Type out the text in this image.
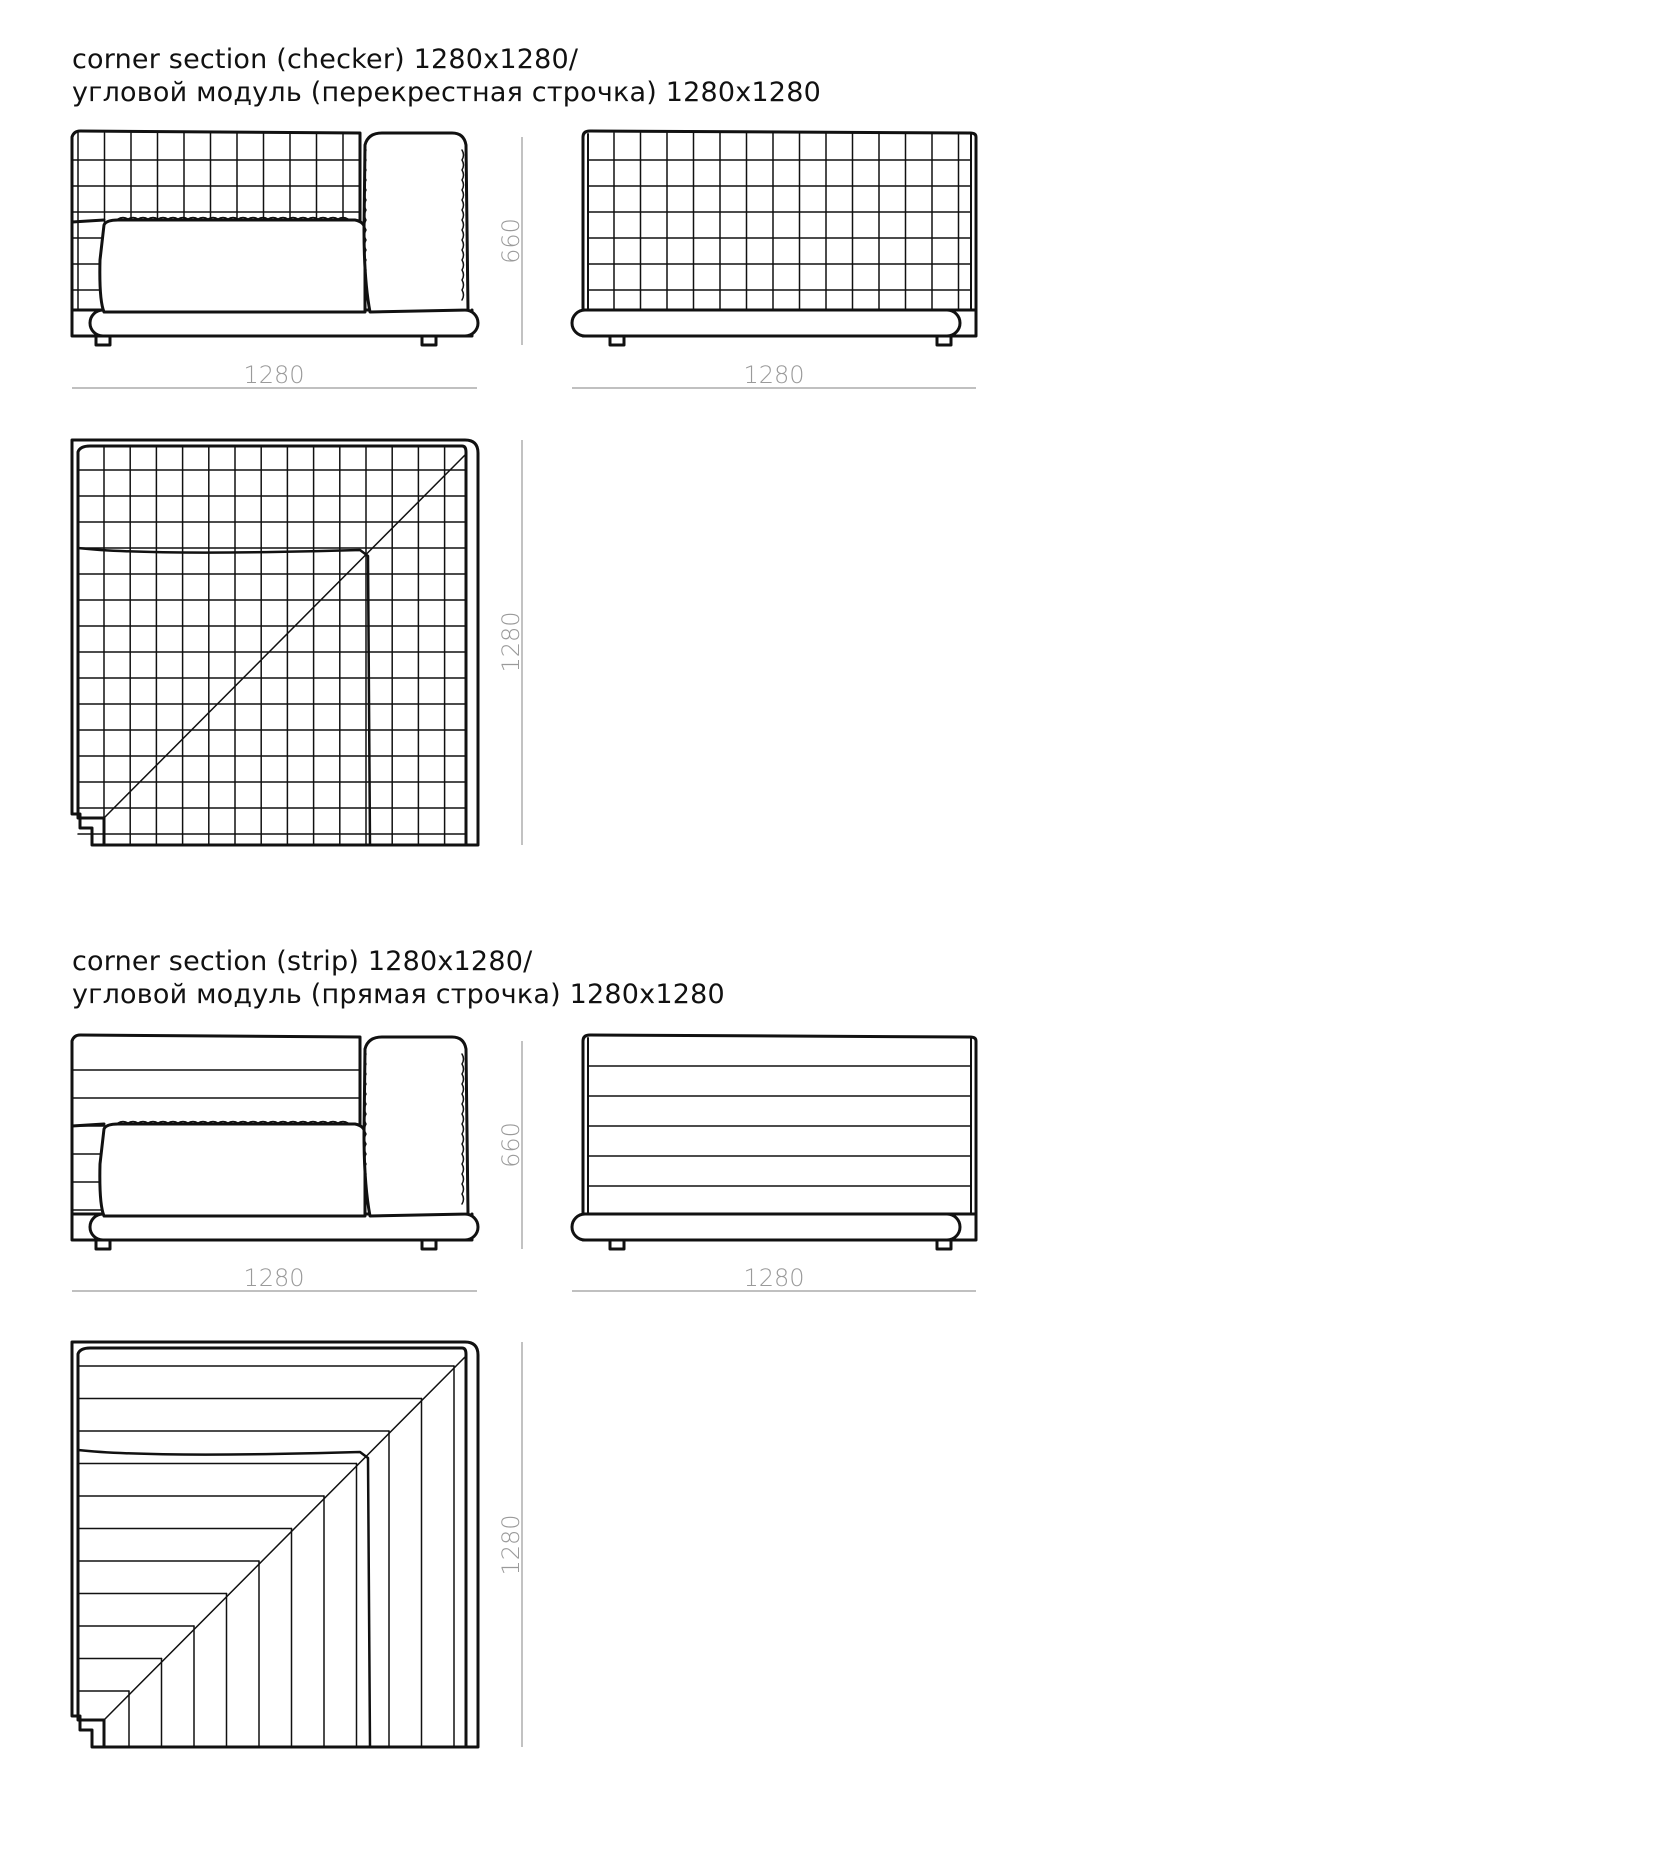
corner section (checker) 1280x1280/
угловой модуль (перекрестная строчка) 1280x1280
corner section (strip) 1280x1280/
угловой модуль (прямая строчка) 1280x1280
1280	1280
660
1280
1280	1280
660
1280
